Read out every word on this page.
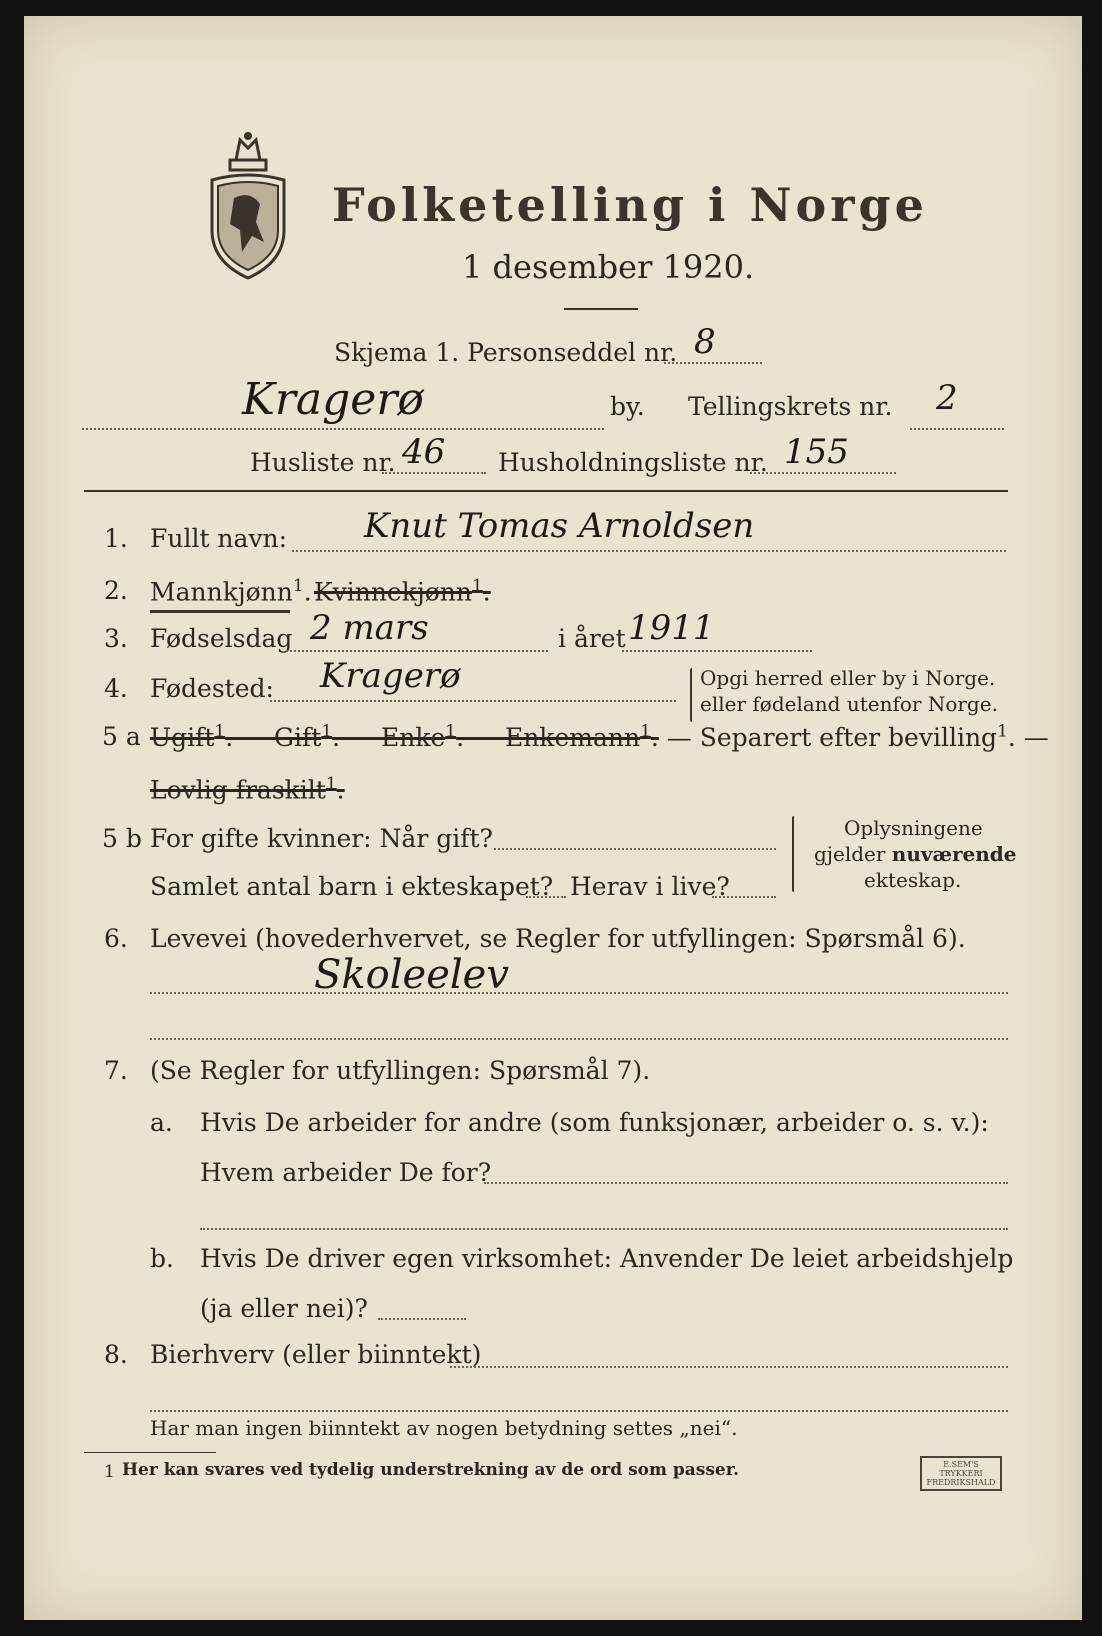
Folketelling i Norge
1 desember 1920.
Skjema 1. Personseddel nr. 8
Kragerø	by. Tellingskrets nr. 2
Husliste nr. 46 Husholdningsliste nr. 155
1. Fullt navn: Knut Tomas Arnoldsen
2. Mannkjønn$^1$. Kvinnekjønn$^1$.
3. Fødselsdag 2 mars	i året 1911
4. Fødested: Kragerø	Opgi herred eller by i Norge.
eller fødeland utenfor Norge.
5 a Ugift$^1$. — Gift$^1$. — Enke$^1$. — Enkemann$^1$. — Separert efter bevilling$^1$. —
Lovlig fraskilt$^1$.
5 b For gifte kvinner: Når gift?
Samlet antal barn i ekteskapet? Herav i live?
Oplysningene
gjelder nuværende
ekteskap.
6. Levevei (hovederhvervet, se Regler for utfyllingen: Spørsmål 6).
Skoleelev
7. (Se Regler for utfyllingen: Spørsmål 7).
a. Hvis De arbeider for andre (som funksjonær, arbeider o. s. v.):
Hvem arbeider De for?
b. Hvis De driver egen virksomhet: Anvender De leiet arbeidshjelp
(ja eller nei)?
8. Bierhverv (eller biinntekt)
Har man ingen biinntekt av nogen betydning settes „nei“.
1 Her kan svares ved tydelig understrekning av de ord som passer.	E.SEM'S TRYKKERI
FREDRIKSHALD
